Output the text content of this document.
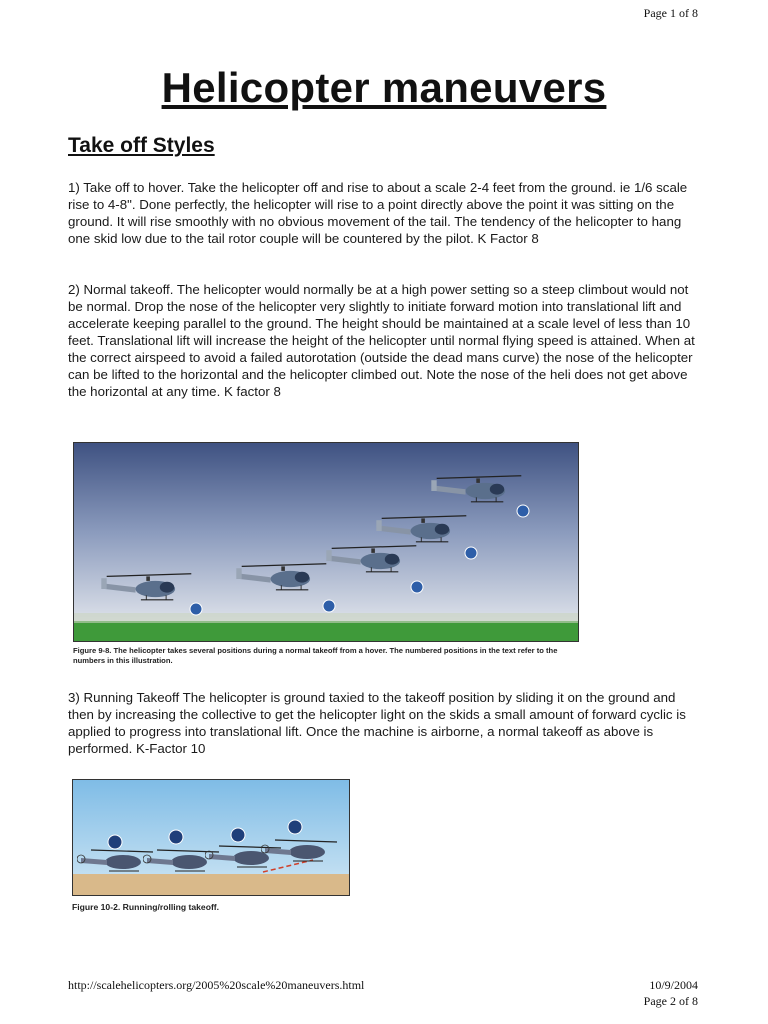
Page 1 of 8
Helicopter maneuvers
Take off Styles

1) Take off to hover. Take the helicopter off and rise to about a scale 2-4 feet from the ground. ie 1/6 scale rise to 4-8". Done perfectly, the helicopter will rise to a point directly above the point it was sitting on the ground. It will rise smoothly with no obvious movement of the tail. The tendency of the helicopter to hang one skid low due to the tail rotor couple will be countered by the pilot. K Factor 8

2) Normal takeoff. The helicopter would normally be at a high power setting so a steep climbout would not be normal. Drop the nose of the helicopter very slightly to initiate forward motion into translational lift and accelerate keeping parallel to the ground. The height should be maintained at a scale level of less than 10 feet. Translational lift will increase the height of the helicopter until normal flying speed is attained. When at the correct airspeed to avoid a failed autorotation (outside the dead mans curve) the nose of the helicopter can be lifted to the horizontal and the helicopter climbed out. Note the nose of the heli does not get above the horizontal at any time. K factor 8

Figure 9-8. The helicopter takes several positions during a normal takeoff from a hover. The numbered positions in the text refer to the numbers in this illustration.

3) Running Takeoff The helicopter is ground taxied to the takeoff position by sliding it on the ground and then by increasing the collective to get the helicopter light on the skids a small amount of forward cyclic is applied to progress into translational lift. Once the machine is airborne, a normal takeoff as above is performed. K-Factor 10

Figure 10-2. Running/rolling takeoff.
http://scalehelicopters.org/2005%20scale%20maneuvers.html	10/9/2004
Page 2 of 8
